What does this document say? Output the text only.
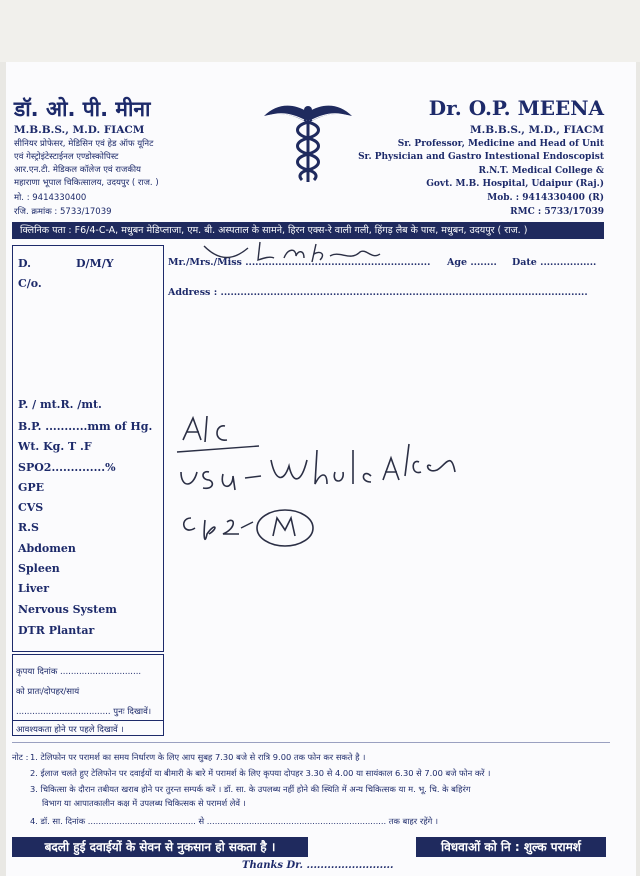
डॉ. ओ. पी. मीना
M.B.B.S., M.D. FIACM
सीनियर प्रोफेसर, मेडिसिन एवं हेड ऑफ यूनिट
एवं गेस्ट्रोइंटेस्टाईनल एण्डोस्कोपिस्ट
आर.एन.टी. मेडिकल कॉलेज एवं राजकीय
महाराणा भूपाल चिकित्सालय, उदयपुर ( राज. )
मो. : 9414330400
रजि. क्रमांक : 5733/17039
Dr. O.P. MEENA
M.B.B.S., M.D., FIACM
Sr. Professor, Medicine and Head of Unit
Sr. Physician and Gastro Intestional Endoscopist
R.N.T. Medical College &
Govt. M.B. Hospital, Udaipur (Raj.)
Mob. : 9414330400 (R)
RMC : 5733/17039
क्लिनिक पता : F6/4-C-A, मधुबन मेडिप्लाजा, एम. बी. अस्पताल के सामने, हिरन एक्स-रे वाली गली, हिंगड़ लैब के पास, मधुबन, उदयपुर ( राज. )
D.	D/M/Y
C/o.
P. / mt.R. /mt.
B.P. ...........mm of Hg.
Wt. Kg. T .F
SPO2..............%
GPE
CVS
R.S
Abdomen
Spleen
Liver
Nervous System
DTR Plantar
कृपया दिनांक ..............................
को प्रातः/दोपहर/सायं
................................... पुनः दिखावें।
आवश्यकता होने पर पहले दिखावें ।
Mr./Mrs./Miss ........................................................ Age ........ Date .................
Address : ...............................................................................................................
नोट : 1. टेलिफोन पर परामर्श का समय निर्धारण के लिए आप सुबह 7.30 बजे से रात्रि 9.00 तक फोन कर सकते है ।
2. ईलाज चलते हुए टेलिफोन पर दवाईयों या बीमारी के बारे में परामर्श के लिए कृपया दोपहर 3.30 से 4.00 या सायंकाल 6.30 से 7.00 बजे फोन करें ।
3. चिकित्सा के दौरान तबीयत खराब होने पर तुरन्त सम्पर्क करें । डॉ. सा. के उपलब्ध नहीं होने की स्थिति में अन्य चिकित्सक या म. भू. चि. के बहिरंग
विभाग या आपातकालीन कक्ष में उपलब्ध चिकित्सक से परामर्श लेवें ।
4. डॉ. सा. दिनांक ......................................... से .................................................................... तक बाहर रहेंगे ।
बदली हुई दवाईयों के सेवन से नुकसान हो सकता है ।	विधवाओं को नि : शुल्क परामर्श
Thanks Dr. .........................
